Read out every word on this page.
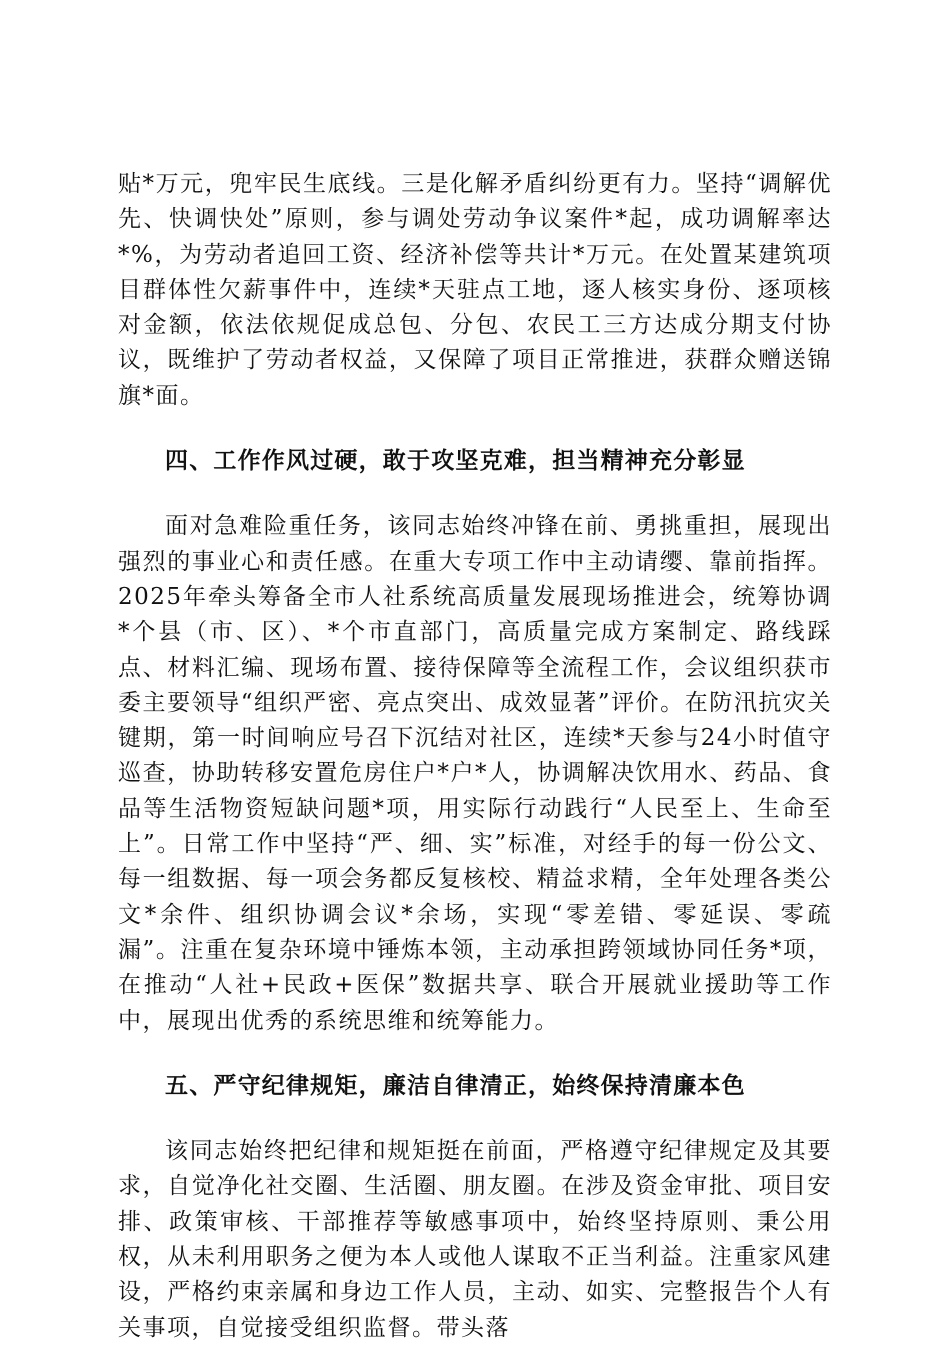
贴*万元，兜牢民生底线。三是化解矛盾纠纷更有力。坚持“调解优先、快调快处”原则，参与调处劳动争议案件*起，成功调解率达*%，为劳动者追回工资、经济补偿等共计*万元。在处置某建筑项目群体性欠薪事件中，连续*天驻点工地，逐人核实身份、逐项核对金额，依法依规促成总包、分包、农民工三方达成分期支付协议，既维护了劳动者权益，又保障了项目正常推进，获群众赠送锦旗*面。

四、工作作风过硬，敢于攻坚克难，担当精神充分彰显

面对急难险重任务，该同志始终冲锋在前、勇挑重担，展现出强烈的事业心和责任感。在重大专项工作中主动请缨、靠前指挥。2025年牵头筹备全市人社系统高质量发展现场推进会，统筹协调*个县（市、区）、*个市直部门，高质量完成方案制定、路线踩点、材料汇编、现场布置、接待保障等全流程工作，会议组织获市委主要领导“组织严密、亮点突出、成效显著”评价。在防汛抗灾关键期，第一时间响应号召下沉结对社区，连续*天参与24小时值守巡查，协助转移安置危房住户*户*人，协调解决饮用水、药品、食品等生活物资短缺问题*项，用实际行动践行“人民至上、生命至上”。日常工作中坚持“严、细、实”标准，对经手的每一份公文、每一组数据、每一项会务都反复核校、精益求精，全年处理各类公文*余件、组织协调会议*余场，实现“零差错、零延误、零疏漏”。注重在复杂环境中锤炼本领，主动承担跨领域协同任务*项，在推动“人社+民政+医保”数据共享、联合开展就业援助等工作中，展现出优秀的系统思维和统筹能力。

五、严守纪律规矩，廉洁自律清正，始终保持清廉本色

该同志始终把纪律和规矩挺在前面，严格遵守纪律规定及其要求，自觉净化社交圈、生活圈、朋友圈。在涉及资金审批、项目安排、政策审核、干部推荐等敏感事项中，始终坚持原则、秉公用权，从未利用职务之便为本人或他人谋取不正当利益。注重家风建设，严格约束亲属和身边工作人员，主动、如实、完整报告个人有关事项，自觉接受组织监督。带头落
